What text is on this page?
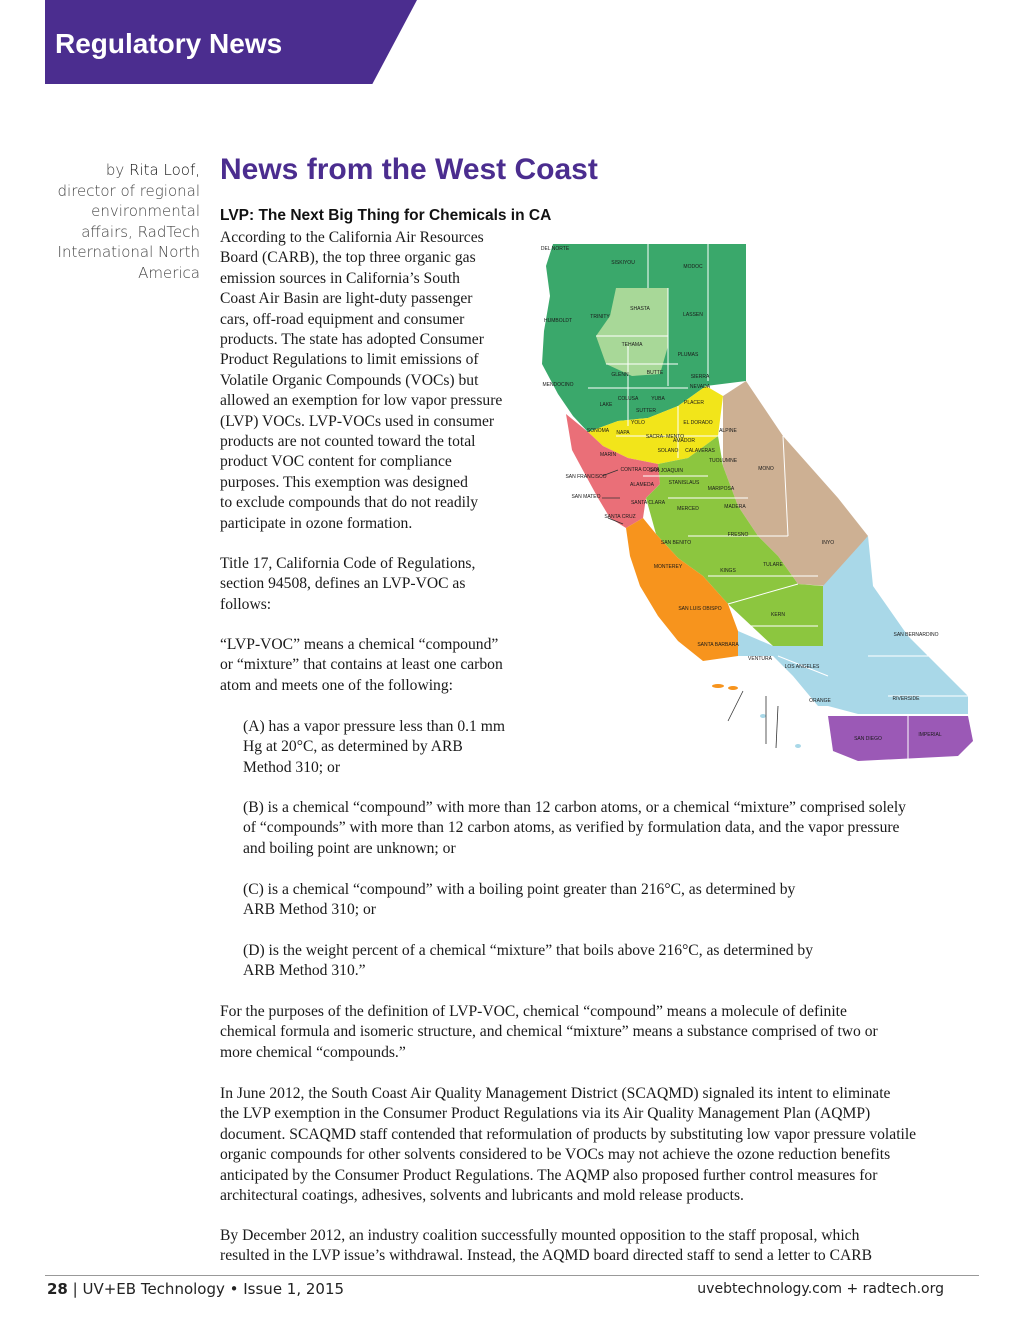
Regulatory News
by Rita Loof,
director of regional
environmental
affairs, RadTech
International North
America
News from the West Coast
LVP: The Next Big Thing for Chemicals in CA
According to the California Air Resources
Board (CARB), the top three organic gas
emission sources in California’s South
Coast Air Basin are light-duty passenger
cars, off-road equipment and consumer
products. The state has adopted Consumer
Product Regulations to limit emissions of
Volatile Organic Compounds (VOCs) but
allowed an exemption for low vapor pressure
(LVP) VOCs. LVP-VOCs used in consumer
products are not counted toward the total
product VOC content for compliance
purposes. This exemption was designed
to exclude compounds that do not readily
participate in ozone formation.
Title 17, California Code of Regulations,
section 94508, defines an LVP-VOC as
follows:
“LVP-VOC” means a chemical “compound”
or “mixture” that contains at least one carbon
atom and meets one of the following:
(A) has a vapor pressure less than 0.1 mm
Hg at 20°C, as determined by ARB
Method 310; or
(B) is a chemical “compound” with more than 12 carbon atoms, or a chemical “mixture” comprised solely
of “compounds” with more than 12 carbon atoms, as verified by formulation data, and the vapor pressure
and boiling point are unknown; or
(C) is a chemical “compound” with a boiling point greater than 216°C, as determined by
ARB Method 310; or
(D) is the weight percent of a chemical “mixture” that boils above 216°C, as determined by
ARB Method 310.”
For the purposes of the definition of LVP-VOC, chemical “compound” means a molecule of definite
chemical formula and isomeric structure, and chemical “mixture” means a substance comprised of two or
more chemical “compounds.”
In June 2012, the South Coast Air Quality Management District (SCAQMD) signaled its intent to eliminate
the LVP exemption in the Consumer Product Regulations via its Air Quality Management Plan (AQMP)
document. SCAQMD staff contended that reformulation of products by substituting low vapor pressure volatile
organic compounds for other solvents considered to be VOCs may not achieve the ozone reduction benefits
anticipated by the Consumer Product Regulations. The AQMP also proposed further control measures for
architectural coatings, adhesives, solvents and lubricants and mold release products.
By December 2012, an industry coalition successfully mounted opposition to the staff proposal, which
resulted in the LVP issue’s withdrawal. Instead, the AQMD board directed staff to send a letter to CARB
DEL NORTE
SISKIYOU
MODOC
HUMBOLDT
TRINITY
SHASTA
LASSEN
TEHAMA
PLUMAS
MENDOCINO
GLENN	BUTTE
SIERRA
NEVADA
COLUSA	YUBA
LAKE	PLACER
YOLO
SUTTER
EL DORADO
SONOMA NAPA	ALPINE
SACRA- MENTO
AMADOR
SOLANO
MARIN
CALAVERAS
TUOLUMNE
SAN FRANCISCO
CONTRA COSTA
SAN JOAQUIN	MONO
ALAMEDA	STANISLAUS
SAN MATEO
MARIPOSA
SANTA CLARA
MERCED	MADERA
SANTA CRUZ
SAN BENITO
FRESNO
INYO
MONTEREY	TULARE
KINGS
SAN LUIS OBISPO
KERN
SAN BERNARDINO
SANTA BARBARA
VENTURA
LOS ANGELES
RIVERSIDE
ORANGE
SAN DIEGO
IMPERIAL
28 | UV+EB Technology • Issue 1, 2015	uvebtechnology.com + radtech.org
